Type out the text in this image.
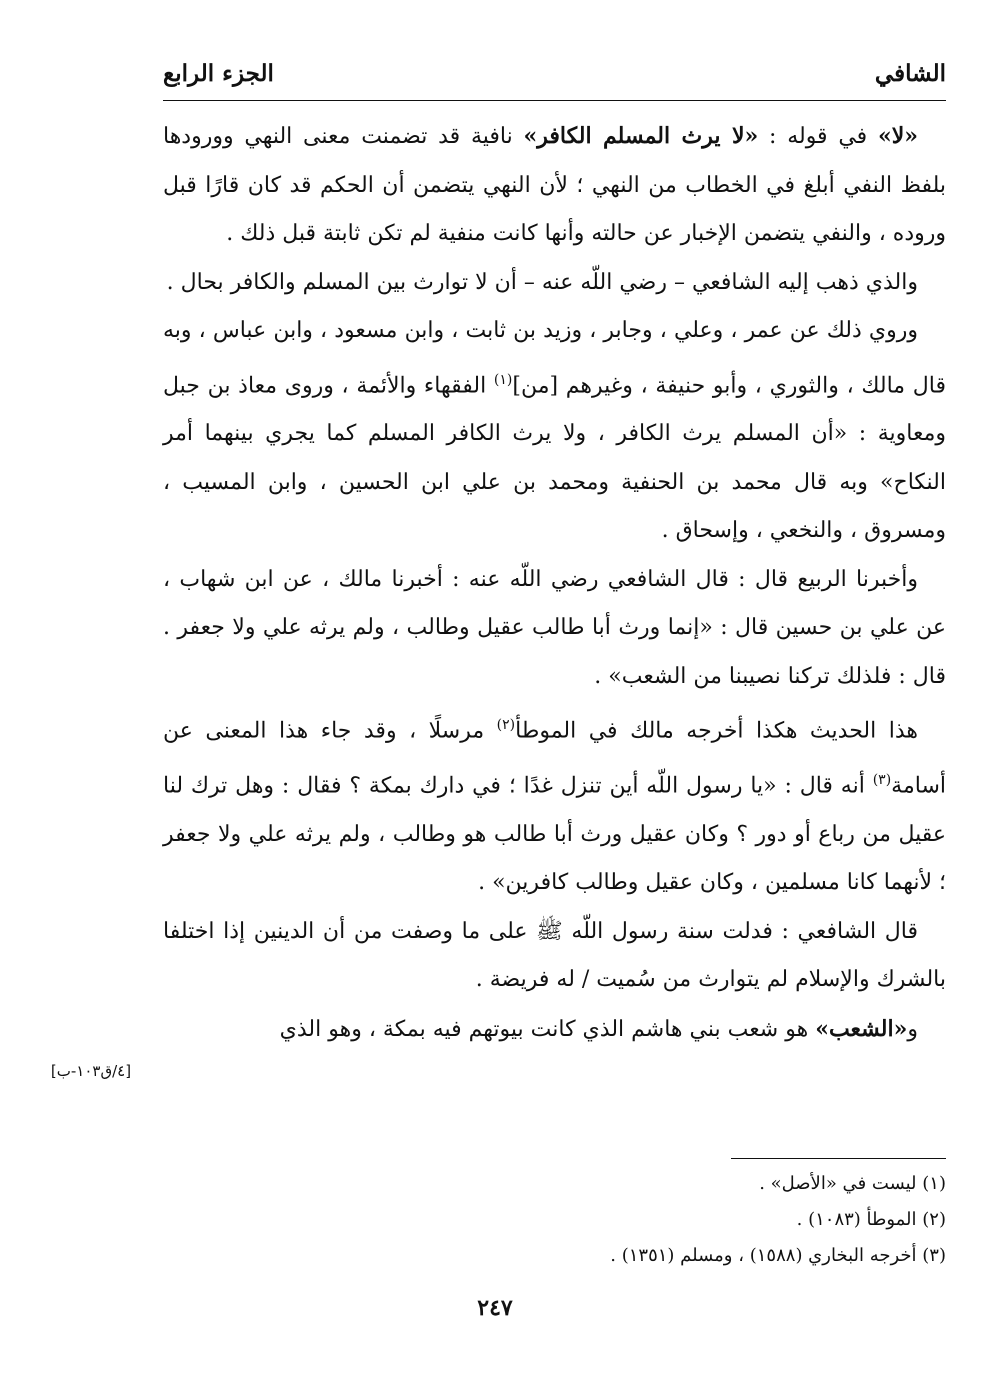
الشافي
الجزء الرابع

«لا» في قوله : «لا يرث المسلم الكافر» نافية قد تضمنت معنى النهي وورودها بلفظ النفي أبلغ في الخطاب من النهي ؛ لأن النهي يتضمن أن الحكم قد كان قارًا قبل وروده ، والنفي يتضمن الإخبار عن حالته وأنها كانت منفية لم تكن ثابتة قبل ذلك .

والذي ذهب إليه الشافعي – رضي اللّه عنه – أن لا توارث بين المسلم والكافر بحال .

وروي ذلك عن عمر ، وعلي ، وجابر ، وزيد بن ثابت ، وابن مسعود ، وابن عباس ، وبه قال مالك ، والثوري ، وأبو حنيفة ، وغيرهم [من]$^{(١)}$ الفقهاء والأئمة ، وروى معاذ بن جبل ومعاوية : «أن المسلم يرث الكافر ، ولا يرث الكافر المسلم كما يجري بينهما أمر النكاح» وبه قال محمد بن الحنفية ومحمد بن علي ابن الحسين ، وابن المسيب ، ومسروق ، والنخعي ، وإسحاق .

وأخبرنا الربيع قال : قال الشافعي رضي اللّه عنه : أخبرنا مالك ، عن ابن شهاب ، عن علي بن حسين قال : «إنما ورث أبا طالب عقيل وطالب ، ولم يرثه علي ولا جعفر . قال : فلذلك تركنا نصيبنا من الشعب» .

هذا الحديث هكذا أخرجه مالك في الموطأ$^{(٢)}$ مرسلًا ، وقد جاء هذا المعنى عن أسامة$^{(٣)}$ أنه قال : «يا رسول اللّه أين تنزل غدًا ؛ في دارك بمكة ؟ فقال : وهل ترك لنا عقيل من رباع أو دور ؟ وكان عقيل ورث أبا طالب هو وطالب ، ولم يرثه علي ولا جعفر ؛ لأنهما كانا مسلمين ، وكان عقيل وطالب كافرين» .

قال الشافعي : فدلت سنة رسول اللّه ﷺ على ما وصفت من أن الدينين إذا اختلفا بالشرك والإسلام لم يتوارث من سُميت / له فريضة .

و«الشعب» هو شعب بني هاشم الذي كانت بيوتهم فيه بمكة ، وهو الذي

[٤/ق١٠٣-ب]
(١) ليست في «الأصل» .
(٢) الموطأ (١٠٨٣) .
(٣) أخرجه البخاري (١٥٨٨) ، ومسلم (١٣٥١) .
٢٤٧
